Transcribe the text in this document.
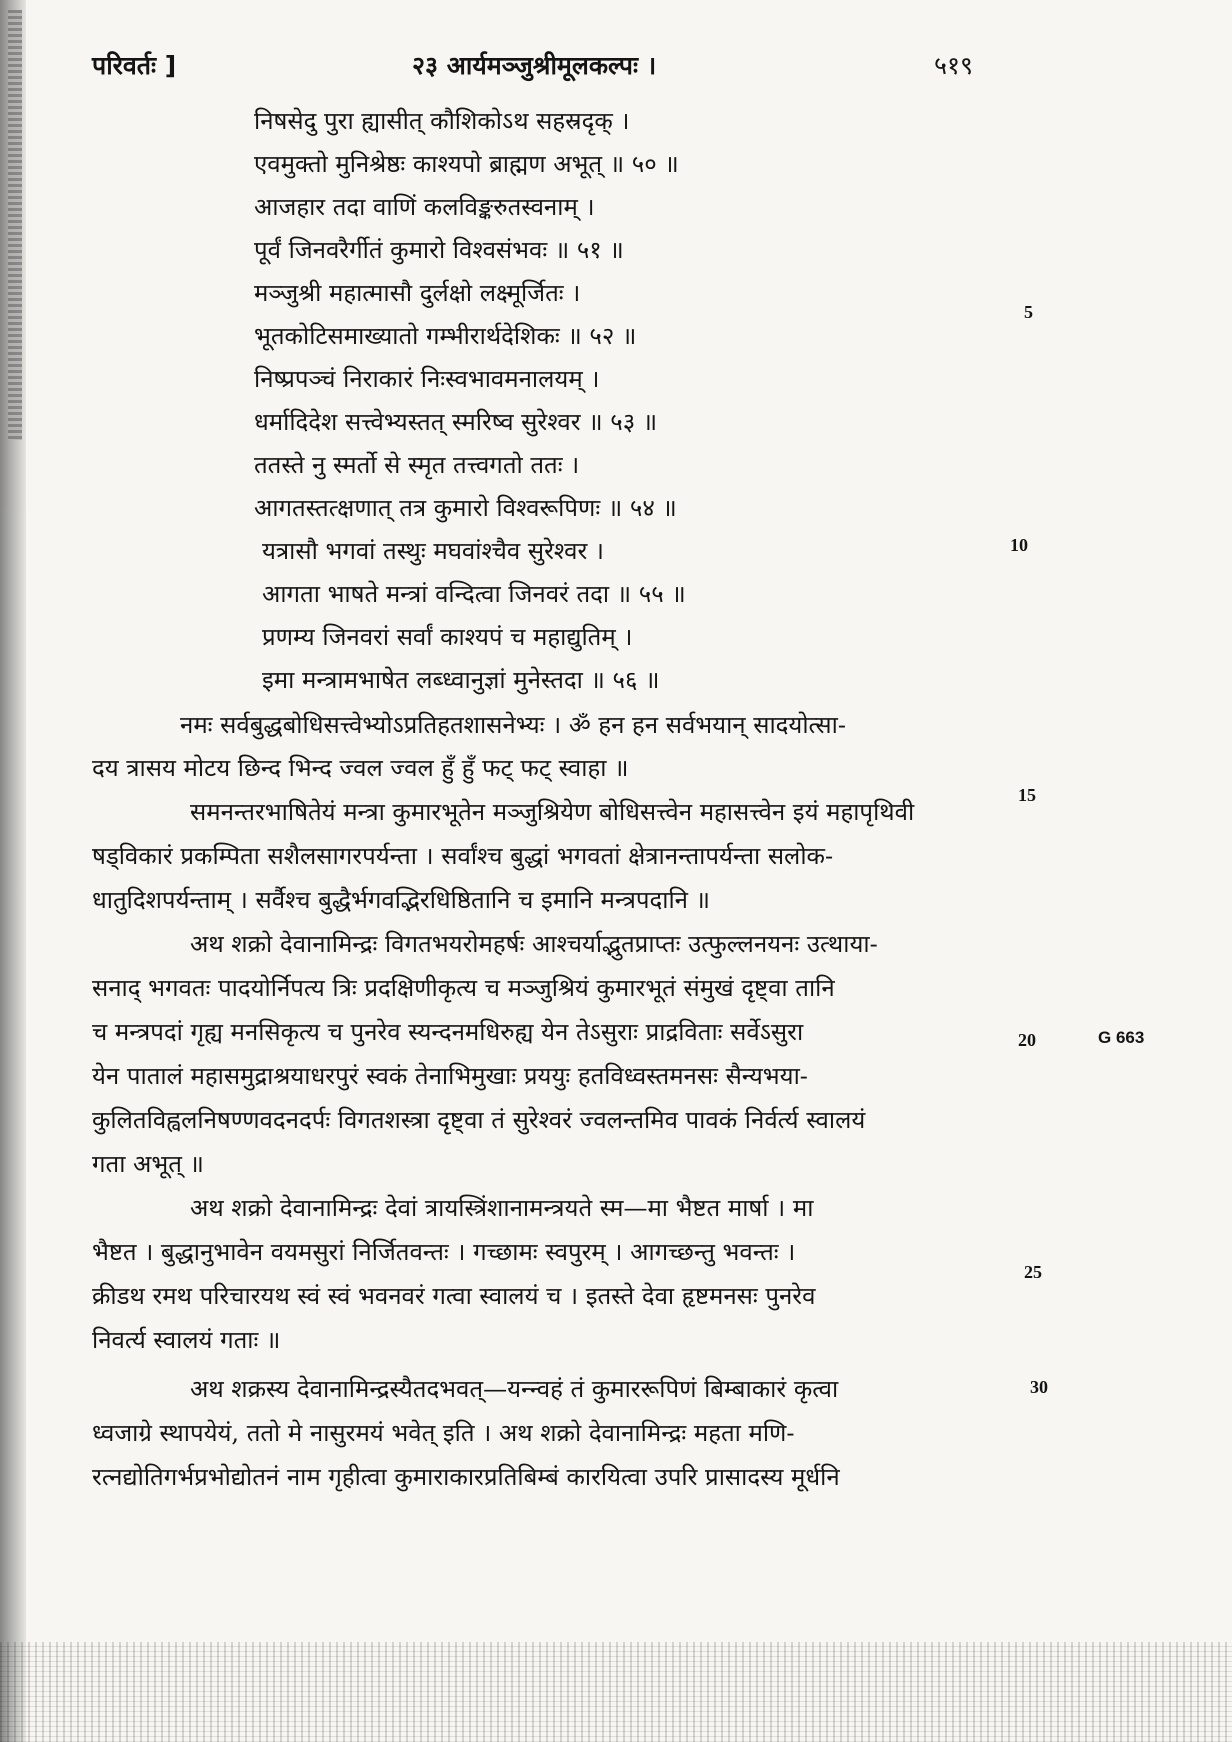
परिवर्तः ]	२३ आर्यमञ्जुश्रीमूलकल्पः ।	५१९
निषसेदु पुरा ह्यासीत् कौशिकोऽथ सहस्रदृक् ।
एवमुक्तो मुनिश्रेष्ठः काश्यपो ब्राह्मण अभूत् ॥ ५० ॥
आजहार तदा वाणिं कलविङ्करुतस्वनाम् ।
पूर्वं जिनवरैर्गीतं कुमारो विश्वसंभवः ॥ ५१ ॥
मञ्जुश्री महात्मासौ दुर्लक्षो लक्ष्मूर्जितः ।
भूतकोटिसमाख्यातो गम्भीरार्थदेशिकः ॥ ५२ ॥
निष्प्रपञ्चं निराकारं निःस्वभावमनालयम् ।
धर्मादिदेश सत्त्वेभ्यस्तत् स्मरिष्व सुरेश्वर ॥ ५३ ॥
ततस्ते नु स्मर्तो से स्मृत तत्त्वगतो ततः ।
आगतस्तत्क्षणात् तत्र कुमारो विश्वरूपिणः ॥ ५४ ॥
यत्रासौ भगवां तस्थुः मघवांश्चैव सुरेश्वर ।
आगता भाषते मन्त्रां वन्दित्वा जिनवरं तदा ॥ ५५ ॥
प्रणम्य जिनवरां सर्वां काश्यपं च महाद्युतिम् ।
इमा मन्त्रामभाषेत लब्ध्वानुज्ञां मुनेस्तदा ॥ ५६ ॥
नमः सर्वबुद्धबोधिसत्त्वेभ्योऽप्रतिहतशासनेभ्यः । ॐ हन हन सर्वभयान् सादयोत्सा-
दय त्रासय मोटय छिन्द भिन्द ज्वल ज्वल हुँ हुँ फट् फट् स्वाहा ॥
समनन्तरभाषितेयं मन्त्रा कुमारभूतेन मञ्जुश्रियेण बोधिसत्त्वेन महासत्त्वेन इयं महापृथिवी
षड्विकारं प्रकम्पिता सशैलसागरपर्यन्ता । सर्वांश्च बुद्धां भगवतां क्षेत्रानन्तापर्यन्ता सलोक-
धातुदिशपर्यन्ताम् । सर्वैश्च बुद्धैर्भगवद्भिरधिष्ठितानि च इमानि मन्त्रपदानि ॥
अथ शक्रो देवानामिन्द्रः विगतभयरोमहर्षः आश्चर्याद्भुतप्राप्तः उत्फुल्लनयनः उत्थाया-
सनाद् भगवतः पादयोर्निपत्य त्रिः प्रदक्षिणीकृत्य च मञ्जुश्रियं कुमारभूतं संमुखं दृष्ट्वा तानि
च मन्त्रपदां गृह्य मनसिकृत्य च पुनरेव स्यन्दनमधिरुह्य येन तेऽसुराः प्राद्रविताः सर्वेऽसुरा
येन पातालं महासमुद्राश्रयाधरपुरं स्वकं तेनाभिमुखाः प्रययुः हतविध्वस्तमनसः सैन्यभया-
कुलितविह्वलनिषण्णवदनदर्पः विगतशस्त्रा दृष्ट्वा तं सुरेश्वरं ज्वलन्तमिव पावकं निर्वर्त्य स्वालयं
गता अभूत् ॥
अथ शक्रो देवानामिन्द्रः देवां त्रायस्त्रिंशानामन्त्रयते स्म—मा भैष्टत मार्षा । मा
भैष्टत । बुद्धानुभावेन वयमसुरां निर्जितवन्तः । गच्छामः स्वपुरम् । आगच्छन्तु भवन्तः ।
क्रीडथ रमथ परिचारयथ स्वं स्वं भवनवरं गत्वा स्वालयं च । इतस्ते देवा हृष्टमनसः पुनरेव
निवर्त्य स्वालयं गताः ॥
अथ शक्रस्य देवानामिन्द्रस्यैतदभवत्—यन्न्वहं तं कुमाररूपिणं बिम्बाकारं कृत्वा
ध्वजाग्रे स्थापयेयं, ततो मे नासुरमयं भवेत् इति । अथ शक्रो देवानामिन्द्रः महता मणि-
रत्नद्योतिगर्भप्रभोद्योतनं नाम गृहीत्वा कुमाराकारप्रतिबिम्बं कारयित्वा उपरि प्रासादस्य मूर्धनि
5
10
15
20
25
30
G 663
